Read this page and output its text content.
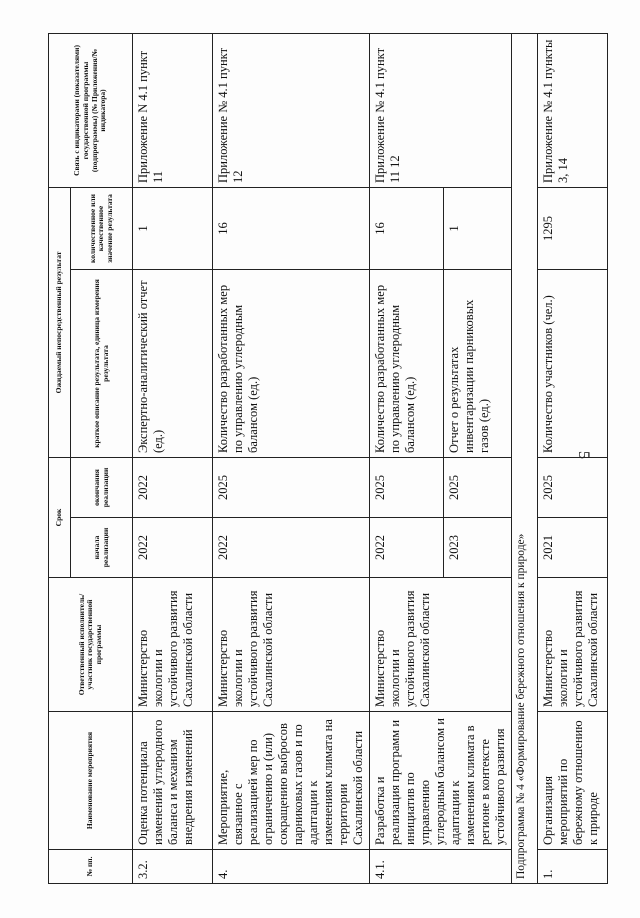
5
№ пп.	Наименование мероприятия	Ответственный исполнитель/участник государственной программы	Срок		Ожидаемый непосредственный результат		Связь с индикаторами (показателями) государственной программы (подпрограммы) (№ Приложения/№ индикатора)
			начала реализации	окончания реализации	краткое описание результата, единица измерения результата	количественное или качественное значение результата	
3.2.	Оценка потенциала изменений углеродного баланса и механизм внедрения изменений	Министерство экологии и устойчивого развития Сахалинской области	2022	2022	Экспертно-аналитический отчет (ед.)	1	Приложение N 4.1 пункт 11
4.	Мероприятие, связанное с реализацией мер по ограничению и (или) сокращению выбросов парниковых газов и по адаптации к изменениям климата на территории Сахалинской области	Министерство экологии и устойчивого развития Сахалинской области	2022	2025	Количество разработанных мер по управлению углеродным балансом (ед.)	16	Приложение № 4.1 пункт 12
4.1.	Разработка и реализация программ и инициатив по управлению углеродным балансом и адаптации к изменениям климата в регионе в контексте устойчивого развития	Министерство экологии и устойчивого развития Сахалинской области	2022	2025	Количество разработанных мер по управлению углеродным балансом (ед.)	16	Приложение № 4.1 пункт 11 12
			2023	2025	Отчет о результатах инвентаризации парниковых газов (ед.)	1	
Подпрограмма № 4 «Формирование бережного отношения к природе»							
1.	Организация мероприятий по бережному отношению к природе	Министерство экологии и устойчивого развития Сахалинской области	2021	2025	Количество участников (чел.)	1295	Приложение № 4.1 пункты 3, 14
